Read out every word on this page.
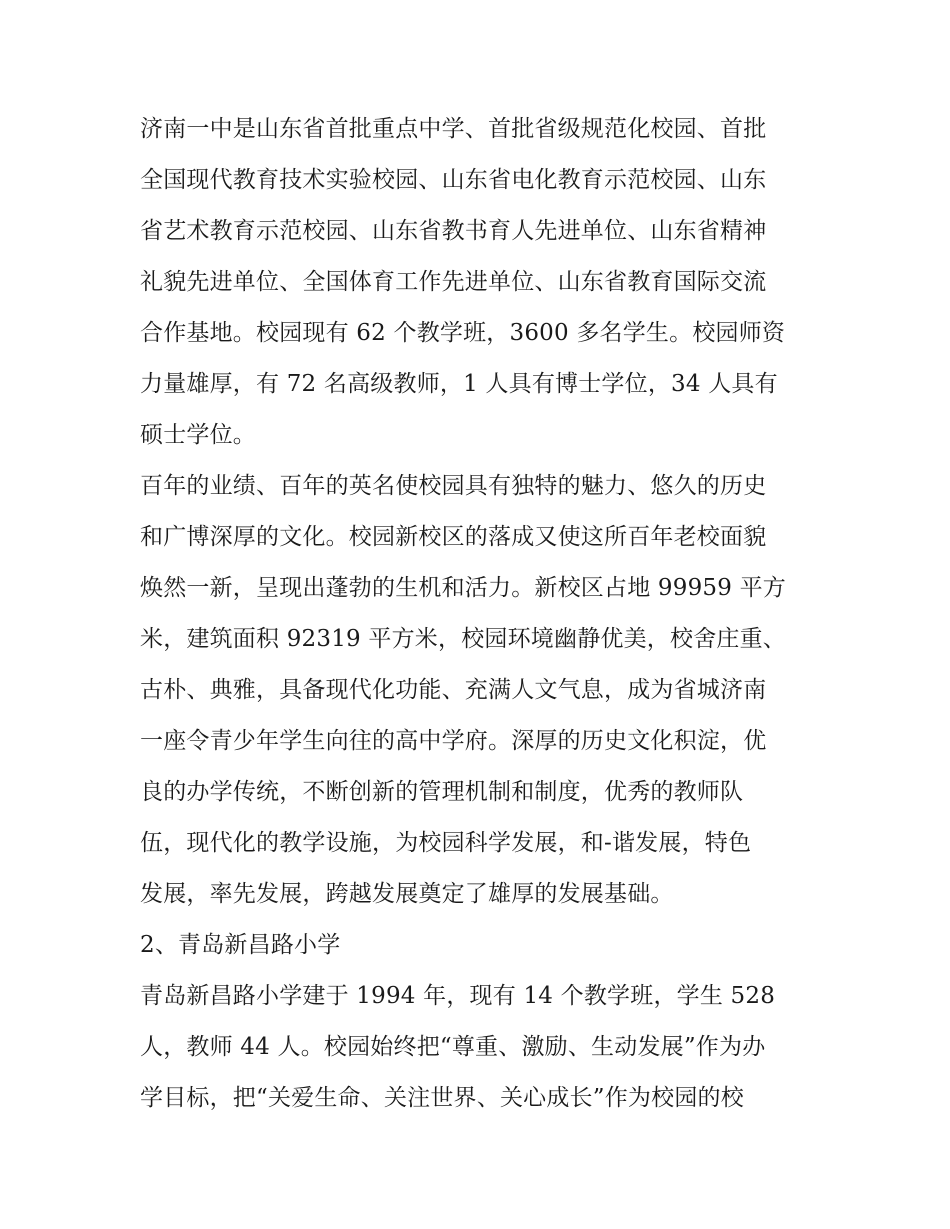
济南一中是山东省首批重点中学、首批省级规范化校园、首批
全国现代教育技术实验校园、山东省电化教育示范校园、山东
省艺术教育示范校园、山东省教书育人先进单位、山东省精神
礼貌先进单位、全国体育工作先进单位、山东省教育国际交流
合作基地。校园现有 62 个教学班，3600 多名学生。校园师资
力量雄厚，有 72 名高级教师，1 人具有博士学位，34 人具有
硕士学位。
百年的业绩、百年的英名使校园具有独特的魅力、悠久的历史
和广博深厚的文化。校园新校区的落成又使这所百年老校面貌
焕然一新，呈现出蓬勃的生机和活力。新校区占地 99959 平方
米，建筑面积 92319 平方米，校园环境幽静优美，校舍庄重、
古朴、典雅，具备现代化功能、充满人文气息，成为省城济南
一座令青少年学生向往的高中学府。深厚的历史文化积淀，优
良的办学传统，不断创新的管理机制和制度，优秀的教师队
伍，现代化的教学设施，为校园科学发展，和-谐发展，特色
发展，率先发展，跨越发展奠定了雄厚的发展基础。
2、青岛新昌路小学
青岛新昌路小学建于 1994 年，现有 14 个教学班，学生 528
人，教师 44 人。校园始终把“尊重、激励、生动发展”作为办
学目标，把“关爱生命、关注世界、关心成长”作为校园的校
